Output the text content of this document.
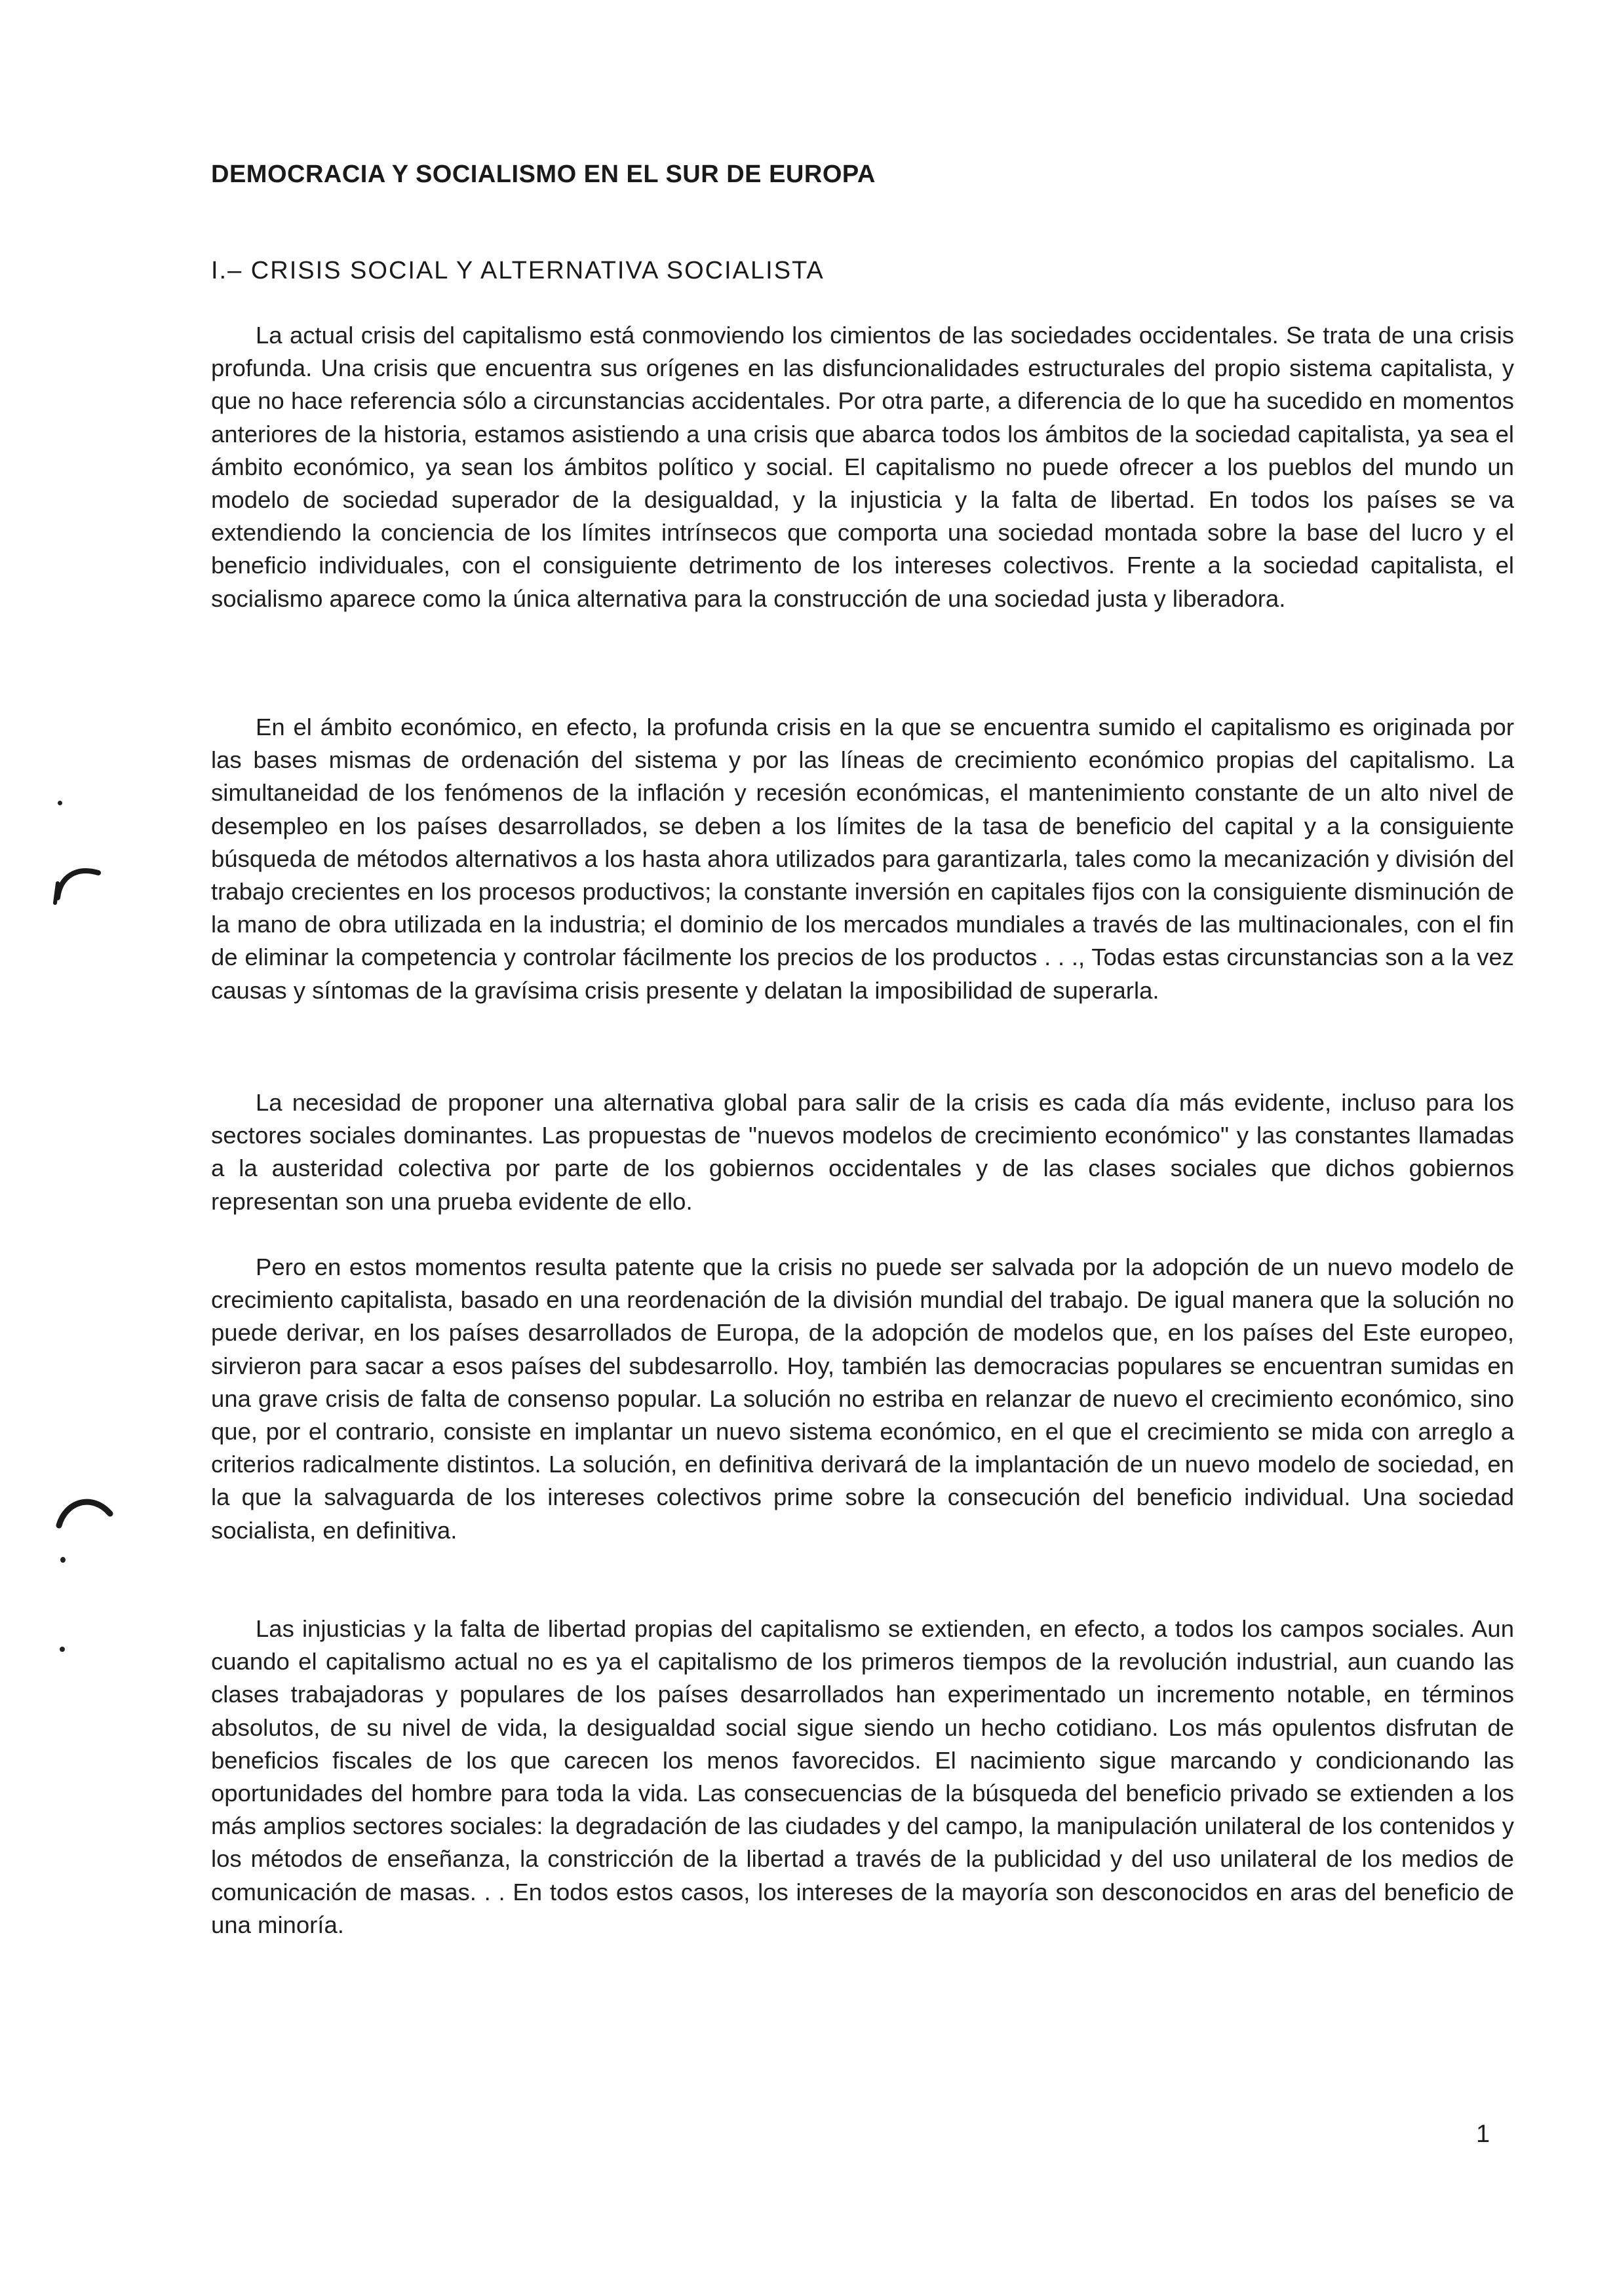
DEMOCRACIA Y SOCIALISMO EN EL SUR DE EUROPA
I.– CRISIS SOCIAL Y ALTERNATIVA SOCIALISTA

La actual crisis del capitalismo está conmoviendo los cimientos de las sociedades occidentales. Se trata de una crisis profunda. Una crisis que encuentra sus orígenes en las disfuncionalidades estructurales del propio sistema capitalista, y que no hace referencia sólo a circunstancias accidentales. Por otra parte, a diferencia de lo que ha sucedido en momentos anteriores de la historia, estamos asistiendo a una crisis que abarca todos los ámbitos de la sociedad capitalista, ya sea el ámbito económico, ya sean los ámbitos político y social. El capitalismo no puede ofrecer a los pueblos del mundo un modelo de sociedad superador de la desigualdad, y la injusticia y la falta de libertad. En todos los países se va extendiendo la conciencia de los límites intrínsecos que comporta una sociedad montada sobre la base del lucro y el beneficio individuales, con el consiguiente detrimento de los intereses colectivos. Frente a la sociedad capitalista, el socialismo aparece como la única alternativa para la construcción de una sociedad justa y liberadora.

En el ámbito económico, en efecto, la profunda crisis en la que se encuentra sumido el capitalismo es originada por las bases mismas de ordenación del sistema y por las líneas de crecimiento económico propias del capitalismo. La simultaneidad de los fenómenos de la inflación y recesión económicas, el mantenimiento constante de un alto nivel de desempleo en los países desarrollados, se deben a los límites de la tasa de beneficio del capital y a la consiguiente búsqueda de métodos alternativos a los hasta ahora utilizados para garantizarla, tales como la mecanización y división del trabajo crecientes en los procesos productivos; la constante inversión en capitales fijos con la consiguiente disminución de la mano de obra utilizada en la industria; el dominio de los mercados mundiales a través de las multinacionales, con el fin de eliminar la competencia y controlar fácilmente los precios de los productos . . ., Todas estas circunstancias son a la vez causas y síntomas de la gravísima crisis presente y delatan la imposibilidad de superarla.

La necesidad de proponer una alternativa global para salir de la crisis es cada día más evidente, incluso para los sectores sociales dominantes. Las propuestas de "nuevos modelos de crecimiento económico" y las constantes llamadas a la austeridad colectiva por parte de los gobiernos occidentales y de las clases sociales que dichos gobiernos representan son una prueba evidente de ello.

Pero en estos momentos resulta patente que la crisis no puede ser salvada por la adopción de un nuevo modelo de crecimiento capitalista, basado en una reordenación de la división mundial del trabajo. De igual manera que la solución no puede derivar, en los países desarrollados de Europa, de la adopción de modelos que, en los países del Este europeo, sirvieron para sacar a esos países del subdesarrollo. Hoy, también las democracias populares se encuentran sumidas en una grave crisis de falta de consenso popular. La solución no estriba en relanzar de nuevo el crecimiento económico, sino que, por el contrario, consiste en implantar un nuevo sistema económico, en el que el crecimiento se mida con arreglo a criterios radicalmente distintos. La solución, en definitiva derivará de la implantación de un nuevo modelo de sociedad, en la que la salvaguarda de los intereses colectivos prime sobre la consecución del beneficio individual. Una sociedad socialista, en definitiva.

Las injusticias y la falta de libertad propias del capitalismo se extienden, en efecto, a todos los campos sociales. Aun cuando el capitalismo actual no es ya el capitalismo de los primeros tiempos de la revolución industrial, aun cuando las clases trabajadoras y populares de los países desarrollados han experimentado un incremento notable, en términos absolutos, de su nivel de vida, la desigualdad social sigue siendo un hecho cotidiano. Los más opulentos disfrutan de beneficios fiscales de los que carecen los menos favorecidos. El nacimiento sigue marcando y condicionando las oportunidades del hombre para toda la vida. Las consecuencias de la búsqueda del beneficio privado se extienden a los más amplios sectores sociales: la degradación de las ciudades y del campo, la manipulación unilateral de los contenidos y los métodos de enseñanza, la constricción de la libertad a través de la publicidad y del uso unilateral de los medios de comunicación de masas. . . En todos estos casos, los intereses de la mayoría son desconocidos en aras del beneficio de una minoría.

1
